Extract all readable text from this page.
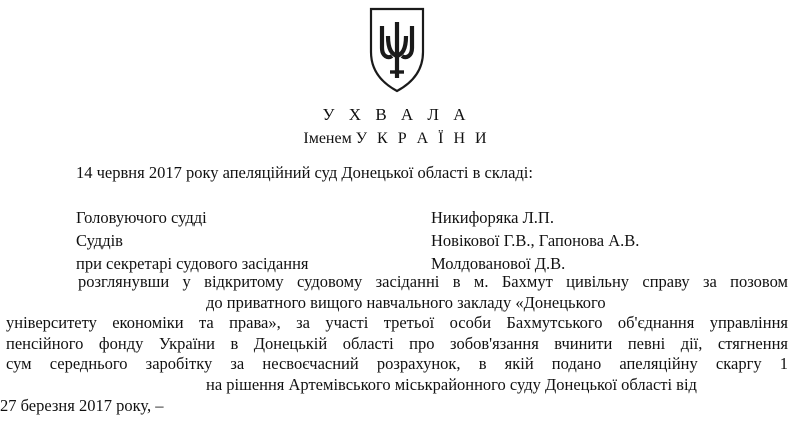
У Х В А Л А
Іменем У К Р А Ї Н И
14 червня 2017 року апеляційний суд Донецької області в складі:
Головуючого судді	Никифоряка Л.П.
Суддів	Новікової Г.В., Гапонова А.В.
при секретарі судового засідання	Молдованової Д.В.
розглянувши у відкритому судовому засіданні в м. Бахмут цивільну справу за позовом
до приватного вищого навчального закладу «Донецького
університету економіки та права», за участі третьої особи Бахмутського об'єднання управління
пенсійного фонду України в Донецькій області про зобов'язання вчинити певні дії, стягнення
сум середнього заробітку за несвоєчасний розрахунок, в якій подано апеляційну скаргу 1
на рішення Артемівського міськрайонного суду Донецької області від
27 березня 2017 року, –
